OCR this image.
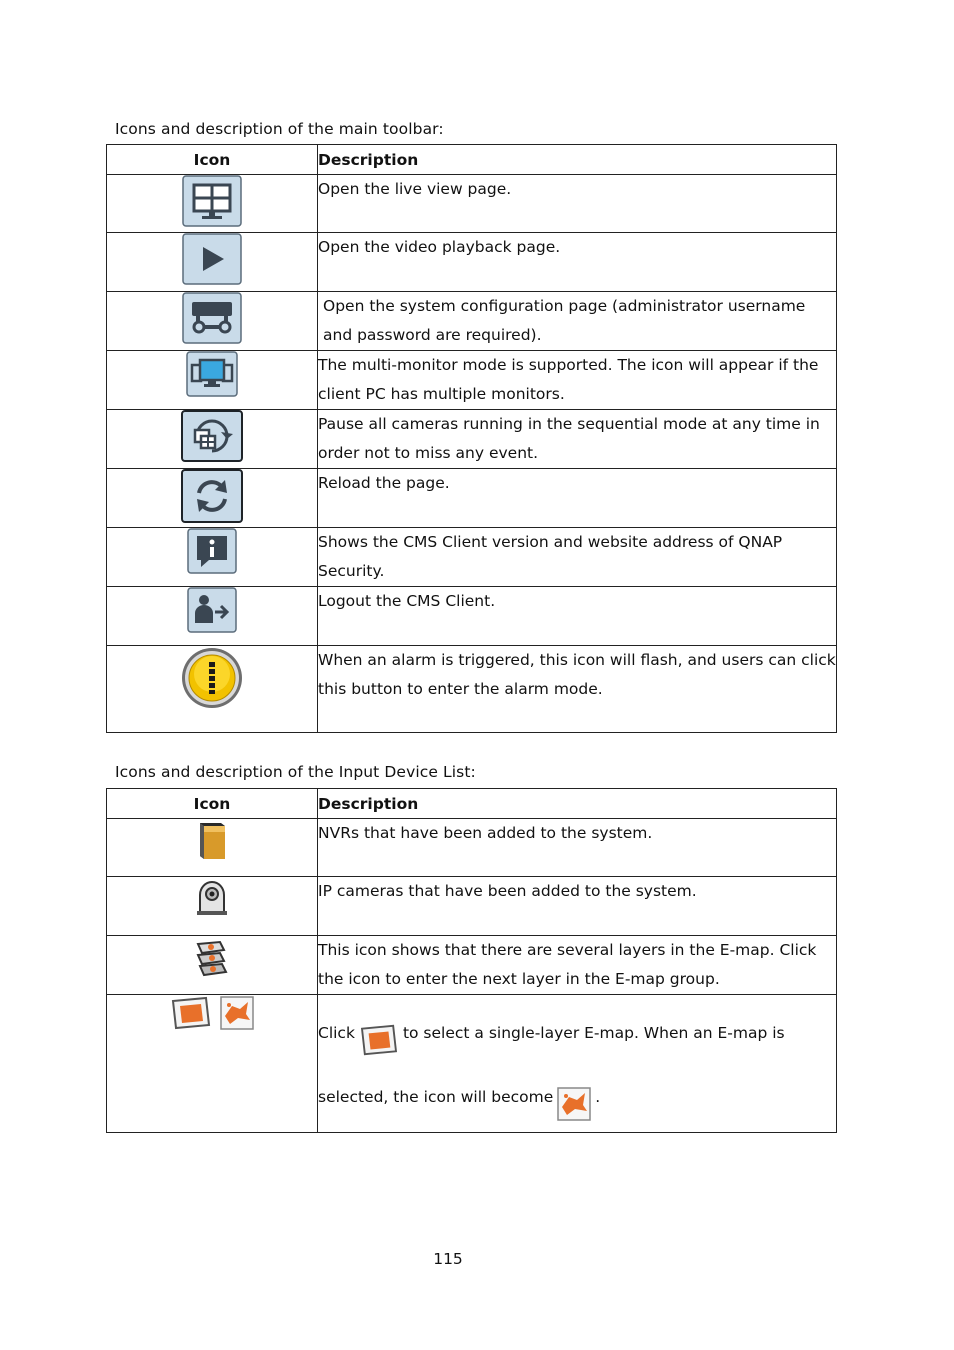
Icons and description of the main toolbar:
Icon	Description
	Open the live view page.
	Open the video playback page.
	Open the system configuration page (administrator username and password are required).
	The multi-monitor mode is supported. The icon will appear if the client PC has multiple monitors.
	Pause all cameras running in the sequential mode at any time in order not to miss any event.
	Reload the page.
	Shows the CMS Client version and website address of QNAP Security.
	Logout the CMS Client.
	When an alarm is triggered, this icon will flash, and users can click this button to enter the alarm mode.
Icons and description of the Input Device List:
Icon	Description
	NVRs that have been added to the system.
	IP cameras that have been added to the system.
	This icon shows that there are several layers in the E-map. Click the icon to enter the next layer in the E-map group.
	Click to select a single-layer E-map. When an E-map is selected, the icon will become .
115
